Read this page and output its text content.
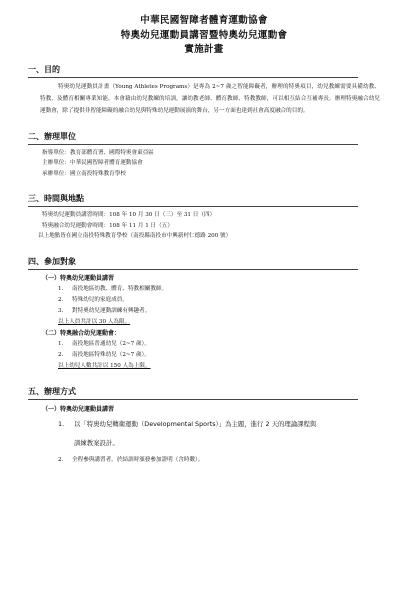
中華民國智障者體育運動協會
特奧幼兒運動員講習暨特奧幼兒運動會
實施計畫
一、目的
特奧幼兒運動員計畫（Young Athletes Programs）是專為 2~7 歲之智能障礙者，辦理的特奧項目，幼兒教練需要具備幼教、特教、及體育相關專業知能。本會藉由幼兒教練的培訓，讓幼教老師、體育教師、特教教師，可以相互結合互補專長。辦理特奧融合幼兒運動會，除了提供非智能障礙的融合幼兒與特殊幼兒運動展演的舞台，另一方面也達到社會高度融合的目的。
二、辦理單位
指導單位：教育部體育署、國際特奧會東亞區
主辦單位：中華民國智障者體育運動協會
承辦單位：國立南投特殊教育學校
三、時間與地點
特奧幼兒運動員講習時間：108 年 10 月 30 日（三）至 31 日（四）
特奧融合幼兒運動會時間：108 年 11 月 1 日（五）
以上地點皆在國立南投特殊教育學校（南投縣南投市中興新村仁德路 200 號）
四、參加對象
（一）特奧幼兒運動員講習
1. 南投地區幼教、體育、特教相關教師。
2. 特殊幼兒的家庭成員。
3. 對特奧幼兒運動訓練有興趣者。
以上人員共計以 30 人為限。
（二）特奧融合幼兒運動會：
1. 南投地區普通幼兒（2~7 歲）。
2. 南投地區特殊幼兒（2~7 歲）。
以上幼兒人數共計以 150 人為上限。
五、辦理方式
（一）特奧幼兒運動員講習
1. 以「特奧幼兒轉衛運動（Developmental Sports）」為主題，進行 2 天的理論課程與
訓練教案設計。
2. 全程參與講習者，於結訓時頒發參加證明（含時數）。
